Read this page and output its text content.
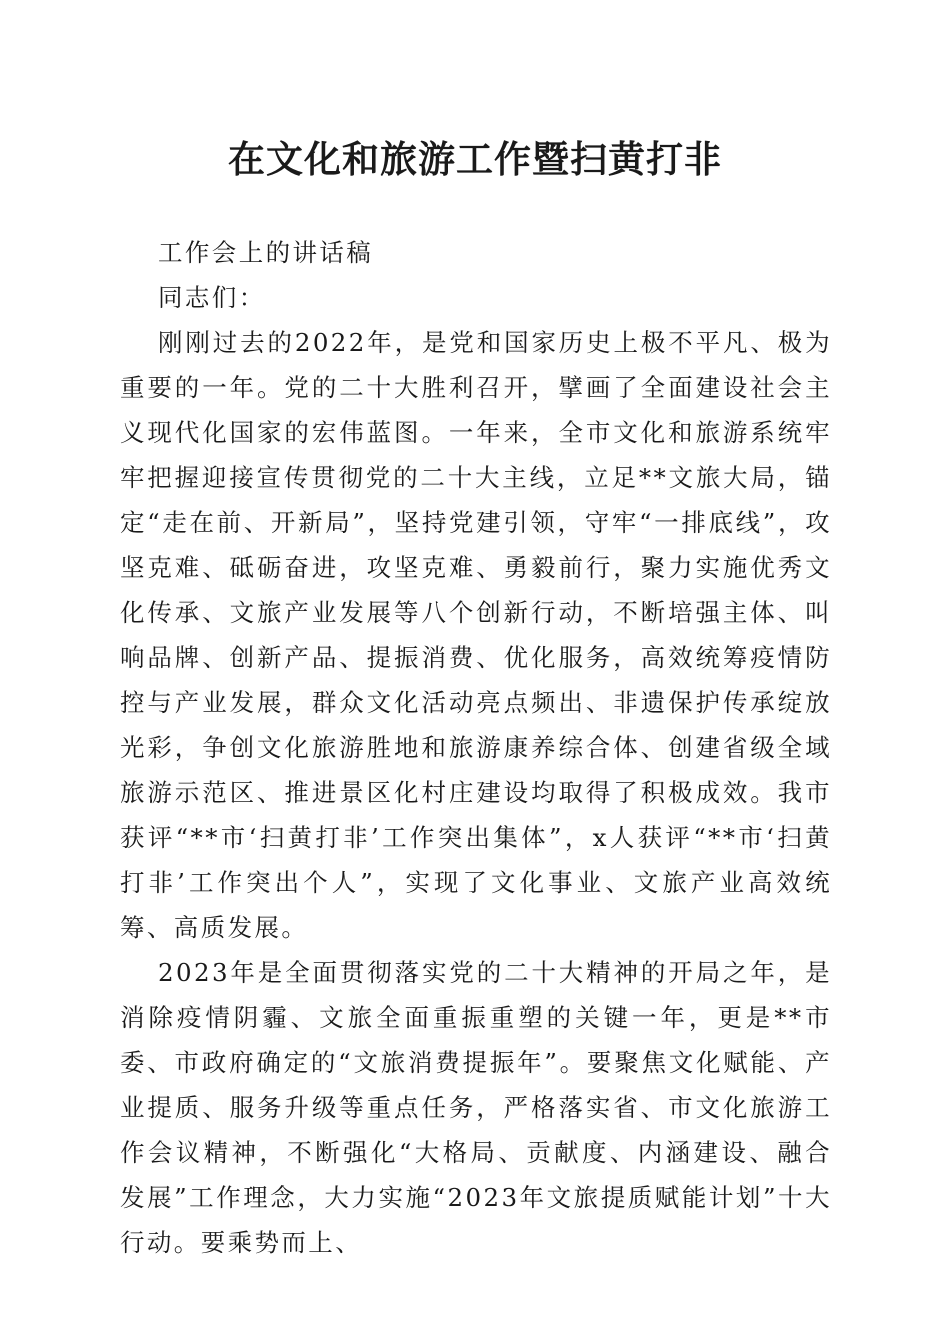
在文化和旅游工作暨扫黄打非

工作会上的讲话稿

同志们：

刚刚过去的2022年，是党和国家历史上极不平凡、极为重要的一年。党的二十大胜利召开，擘画了全面建设社会主义现代化国家的宏伟蓝图。一年来，全市文化和旅游系统牢牢把握迎接宣传贯彻党的二十大主线，立足**文旅大局，锚定“走在前、开新局”，坚持党建引领，守牢“一排底线”，攻坚克难、砥砺奋进，攻坚克难、勇毅前行，聚力实施优秀文化传承、文旅产业发展等八个创新行动，不断培强主体、叫响品牌、创新产品、提振消费、优化服务，高效统筹疫情防控与产业发展，群众文化活动亮点频出、非遗保护传承绽放光彩，争创文化旅游胜地和旅游康养综合体、创建省级全域旅游示范区、推进景区化村庄建设均取得了积极成效。我市获评“**市‘扫黄打非’工作突出集体”，x人获评“**市‘扫黄打非’工作突出个人”，实现了文化事业、文旅产业高效统筹、高质发展。

2023年是全面贯彻落实党的二十大精神的开局之年，是消除疫情阴霾、文旅全面重振重塑的关键一年，更是**市委、市政府确定的“文旅消费提振年”。要聚焦文化赋能、产业提质、服务升级等重点任务，严格落实省、市文化旅游工作会议精神，不断强化“大格局、贡献度、内涵建设、融合发展”工作理念，大力实施“2023年文旅提质赋能计划”十大行动。要乘势而上、
